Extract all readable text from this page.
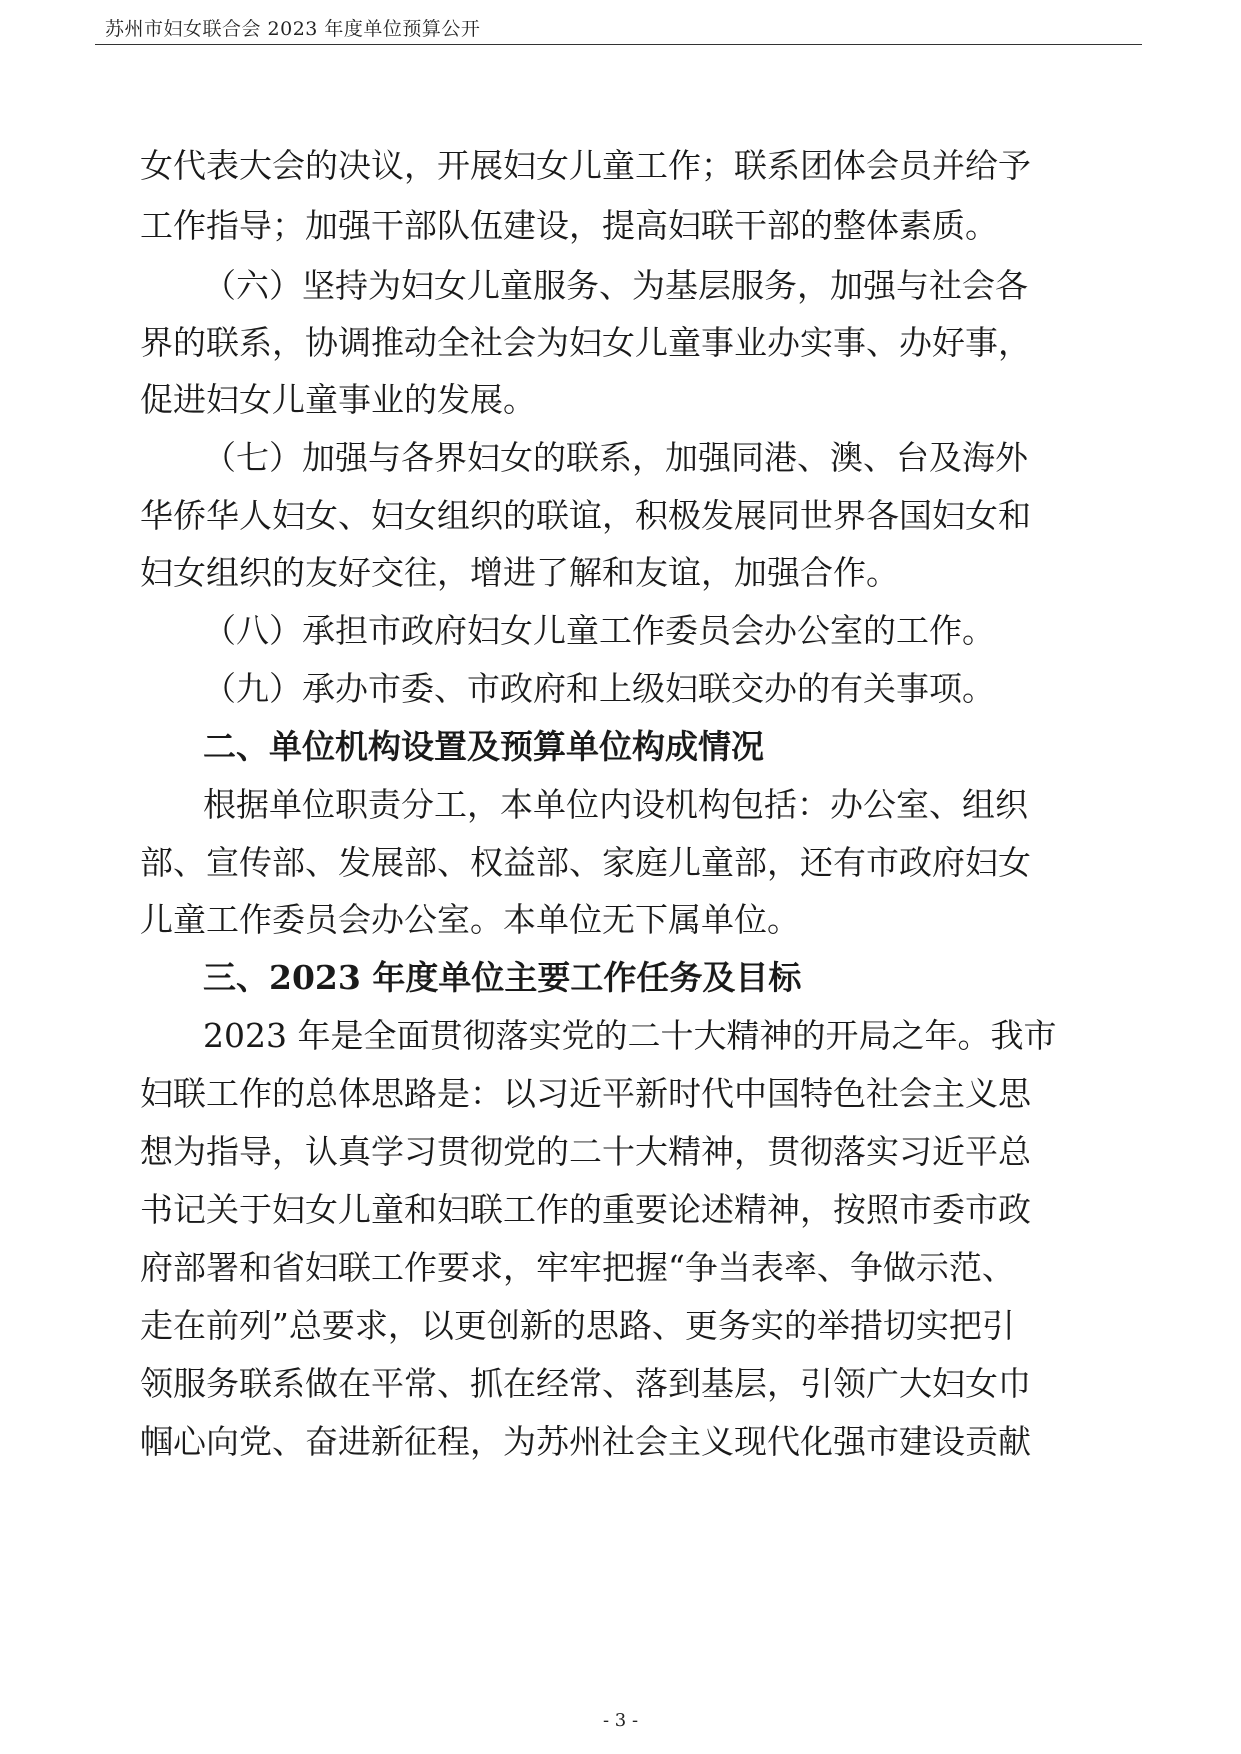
苏州市妇女联合会 2023 年度单位预算公开
女代表大会的决议，开展妇女儿童工作；联系团体会员并给予
工作指导；加强干部队伍建设，提高妇联干部的整体素质。
（六）坚持为妇女儿童服务、为基层服务，加强与社会各
界的联系，协调推动全社会为妇女儿童事业办实事、办好事，
促进妇女儿童事业的发展。
（七）加强与各界妇女的联系，加强同港、澳、台及海外
华侨华人妇女、妇女组织的联谊，积极发展同世界各国妇女和
妇女组织的友好交往，增进了解和友谊，加强合作。
（八）承担市政府妇女儿童工作委员会办公室的工作。
（九）承办市委、市政府和上级妇联交办的有关事项。
二、单位机构设置及预算单位构成情况
根据单位职责分工，本单位内设机构包括：办公室、组织
部、宣传部、发展部、权益部、家庭儿童部，还有市政府妇女
儿童工作委员会办公室。本单位无下属单位。
三、2023 年度单位主要工作任务及目标
2023 年是全面贯彻落实党的二十大精神的开局之年。我市
妇联工作的总体思路是：以习近平新时代中国特色社会主义思
想为指导，认真学习贯彻党的二十大精神，贯彻落实习近平总
书记关于妇女儿童和妇联工作的重要论述精神，按照市委市政
府部署和省妇联工作要求，牢牢把握“争当表率、争做示范、
走在前列”总要求，以更创新的思路、更务实的举措切实把引
领服务联系做在平常、抓在经常、落到基层，引领广大妇女巾
帼心向党、奋进新征程，为苏州社会主义现代化强市建设贡献
- 3 -
